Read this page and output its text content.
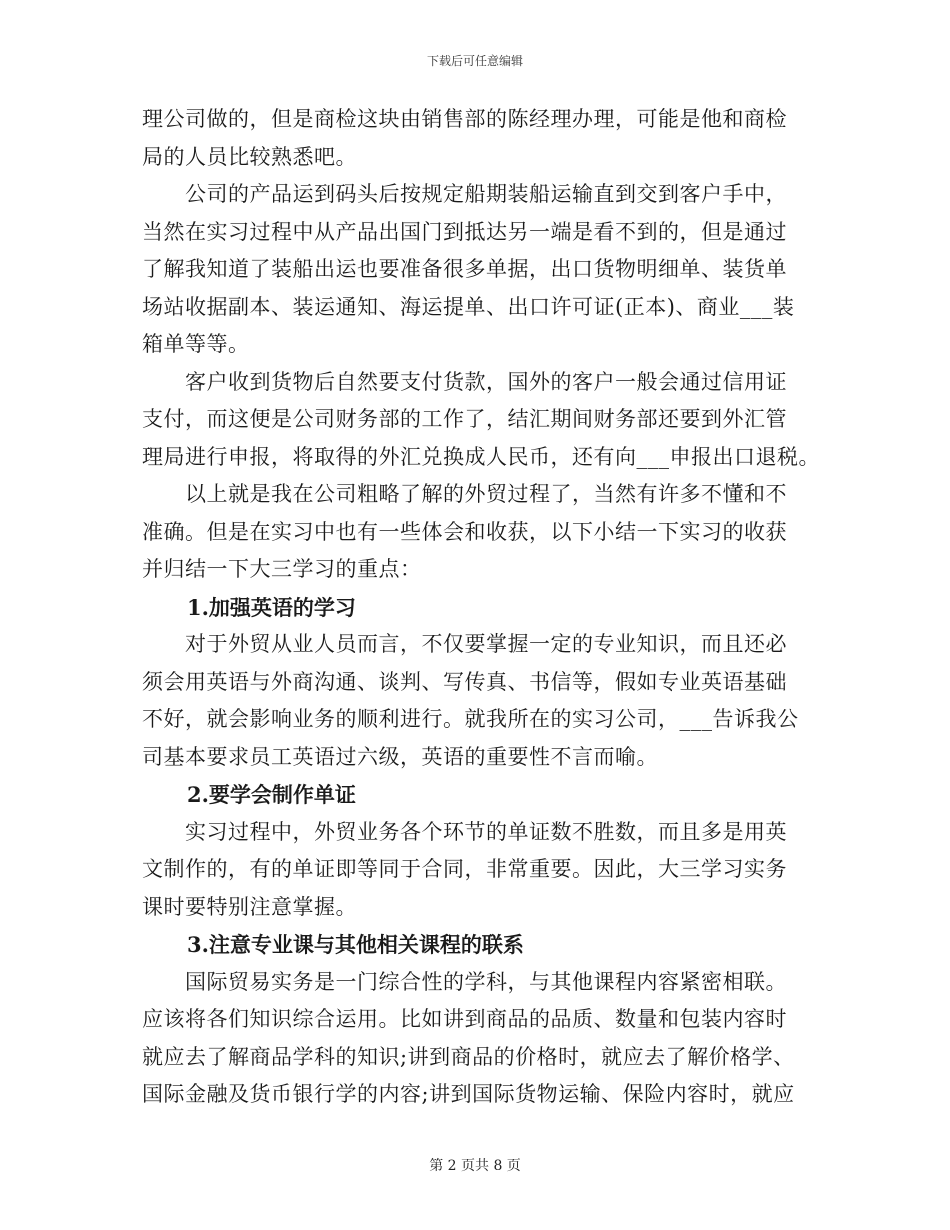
下载后可任意编辑

理公司做的，但是商检这块由销售部的陈经理办理，可能是他和商检

局的人员比较熟悉吧。

　　公司的产品运到码头后按规定船期装船运输直到交到客户手中，

当然在实习过程中从产品出国门到抵达另一端是看不到的，但是通过

了解我知道了装船出运也要准备很多单据，出口货物明细单、装货单

场站收据副本、装运通知、海运提单、出口许可证(正本)、商业___装

箱单等等。

　　客户收到货物后自然要支付货款，国外的客户一般会通过信用证

支付，而这便是公司财务部的工作了，结汇期间财务部还要到外汇管

理局进行申报，将取得的外汇兑换成人民币，还有向___申报出口退税。

　　以上就是我在公司粗略了解的外贸过程了，当然有许多不懂和不

准确。但是在实习中也有一些体会和收获，以下小结一下实习的收获

并归结一下大三学习的重点：

1.加强英语的学习

　　对于外贸从业人员而言，不仅要掌握一定的专业知识，而且还必

须会用英语与外商沟通、谈判、写传真、书信等，假如专业英语基础

不好，就会影响业务的顺利进行。就我所在的实习公司，___告诉我公

司基本要求员工英语过六级，英语的重要性不言而喻。

2.要学会制作单证

　　实习过程中，外贸业务各个环节的单证数不胜数，而且多是用英

文制作的，有的单证即等同于合同，非常重要。因此，大三学习实务

课时要特别注意掌握。

3.注意专业课与其他相关课程的联系

　　国际贸易实务是一门综合性的学科，与其他课程内容紧密相联。

应该将各们知识综合运用。比如讲到商品的品质、数量和包装内容时

就应去了解商品学科的知识;讲到商品的价格时，就应去了解价格学、

国际金融及货币银行学的内容;讲到国际货物运输、保险内容时，就应

第 2 页共 8 页
